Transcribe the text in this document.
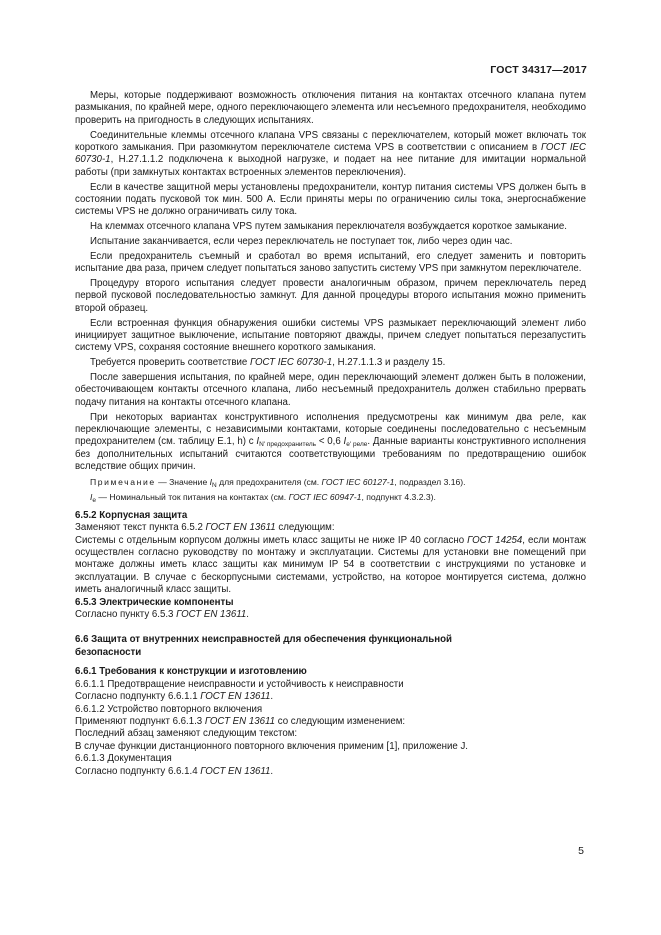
ГОСТ 34317—2017

Меры, которые поддерживают возможность отключения питания на контактах отсечного клапана путем размыкания, по крайней мере, одного переключающего элемента или несъемного предохранителя, необходимо проверить на пригодность в следующих испытаниях.

Соединительные клеммы отсечного клапана VPS связаны с переключателем, который может включать ток короткого замыкания. При разомкнутом переключателе система VPS в соответствии с описанием в ГОСТ IEC 60730-1, H.27.1.1.2 подключена к выходной нагрузке, и подает на нее питание для имитации нормальной работы (при замкнутых контактах встроенных элементов переключения).

Если в качестве защитной меры установлены предохранители, контур питания системы VPS должен быть в состоянии подать пусковой ток мин. 500 А. Если приняты меры по ограничению силы тока, энергоснабжение системы VPS не должно ограничивать силу тока.

На клеммах отсечного клапана VPS путем замыкания переключателя возбуждается короткое замыкание.

Испытание заканчивается, если через переключатель не поступает ток, либо через один час.

Если предохранитель съемный и сработал во время испытаний, его следует заменить и повторить испытание два раза, причем следует попытаться заново запустить систему VPS при замкнутом переключателе.

Процедуру второго испытания следует провести аналогичным образом, причем переключатель перед первой пусковой последовательностью замкнут. Для данной процедуры второго испытания можно применить второй образец.

Если встроенная функция обнаружения ошибки системы VPS размыкает переключающий элемент либо инициирует защитное выключение, испытание повторяют дважды, причем следует попытаться перезапустить систему VPS, сохраняя состояние внешнего короткого замыкания.

Требуется проверить соответствие ГОСТ IEC 60730-1, H.27.1.1.3 и разделу 15.

После завершения испытания, по крайней мере, один переключающий элемент должен быть в положении, обесточивающем контакты отсечного клапана, либо несъемный предохранитель должен стабильно прервать подачу питания на контакты отсечного клапана.

При некоторых вариантах конструктивного исполнения предусмотрены как минимум два реле, как переключающие элементы, с независимыми контактами, которые соединены последовательно с несъемным предохранителем (см. таблицу Е.1, h) с $I_{N' предохранитель} < 0,6$ $I_{e' реле}$. Данные варианты конструктивного исполнения без дополнительных испытаний считаются соответствующими требованиям по предотвращению ошибок вследствие общих причин.

Примечание — Значение $I_N$ для предохранителя (см. ГОСТ IEC 60127-1, подраздел 3.16).

$I_e$ — Номинальный ток питания на контактах (см. ГОСТ IEC 60947-1, подпункт 4.3.2.3).

6.5.2 Корпусная защита

Заменяют текст пункта 6.5.2 ГОСТ EN 13611 следующим:

Системы с отдельным корпусом должны иметь класс защиты не ниже IP 40 согласно ГОСТ 14254, если монтаж осуществлен согласно руководству по монтажу и эксплуатации. Системы для установки вне помещений при монтаже должны иметь класс защиты как минимум IP 54 в соответствии с инструкциями по установке и эксплуатации. В случае с бескорпусными системами, устройство, на которое монтируется система, должно иметь аналогичный класс защиты.

6.5.3 Электрические компоненты

Согласно пункту 6.5.3 ГОСТ EN 13611.

6.6 Защита от внутренних неисправностей для обеспечения функциональной
безопасности
6.6.1 Требования к конструкции и изготовлению

6.6.1.1 Предотвращение неисправности и устойчивость к неисправности

Согласно подпункту 6.6.1.1 ГОСТ EN 13611.

6.6.1.2 Устройство повторного включения

Применяют подпункт 6.6.1.3 ГОСТ EN 13611 со следующим изменением:

Последний абзац заменяют следующим текстом:

В случае функции дистанционного повторного включения применим [1], приложение J.

6.6.1.3 Документация

Согласно подпункту 6.6.1.4 ГОСТ EN 13611.

5
